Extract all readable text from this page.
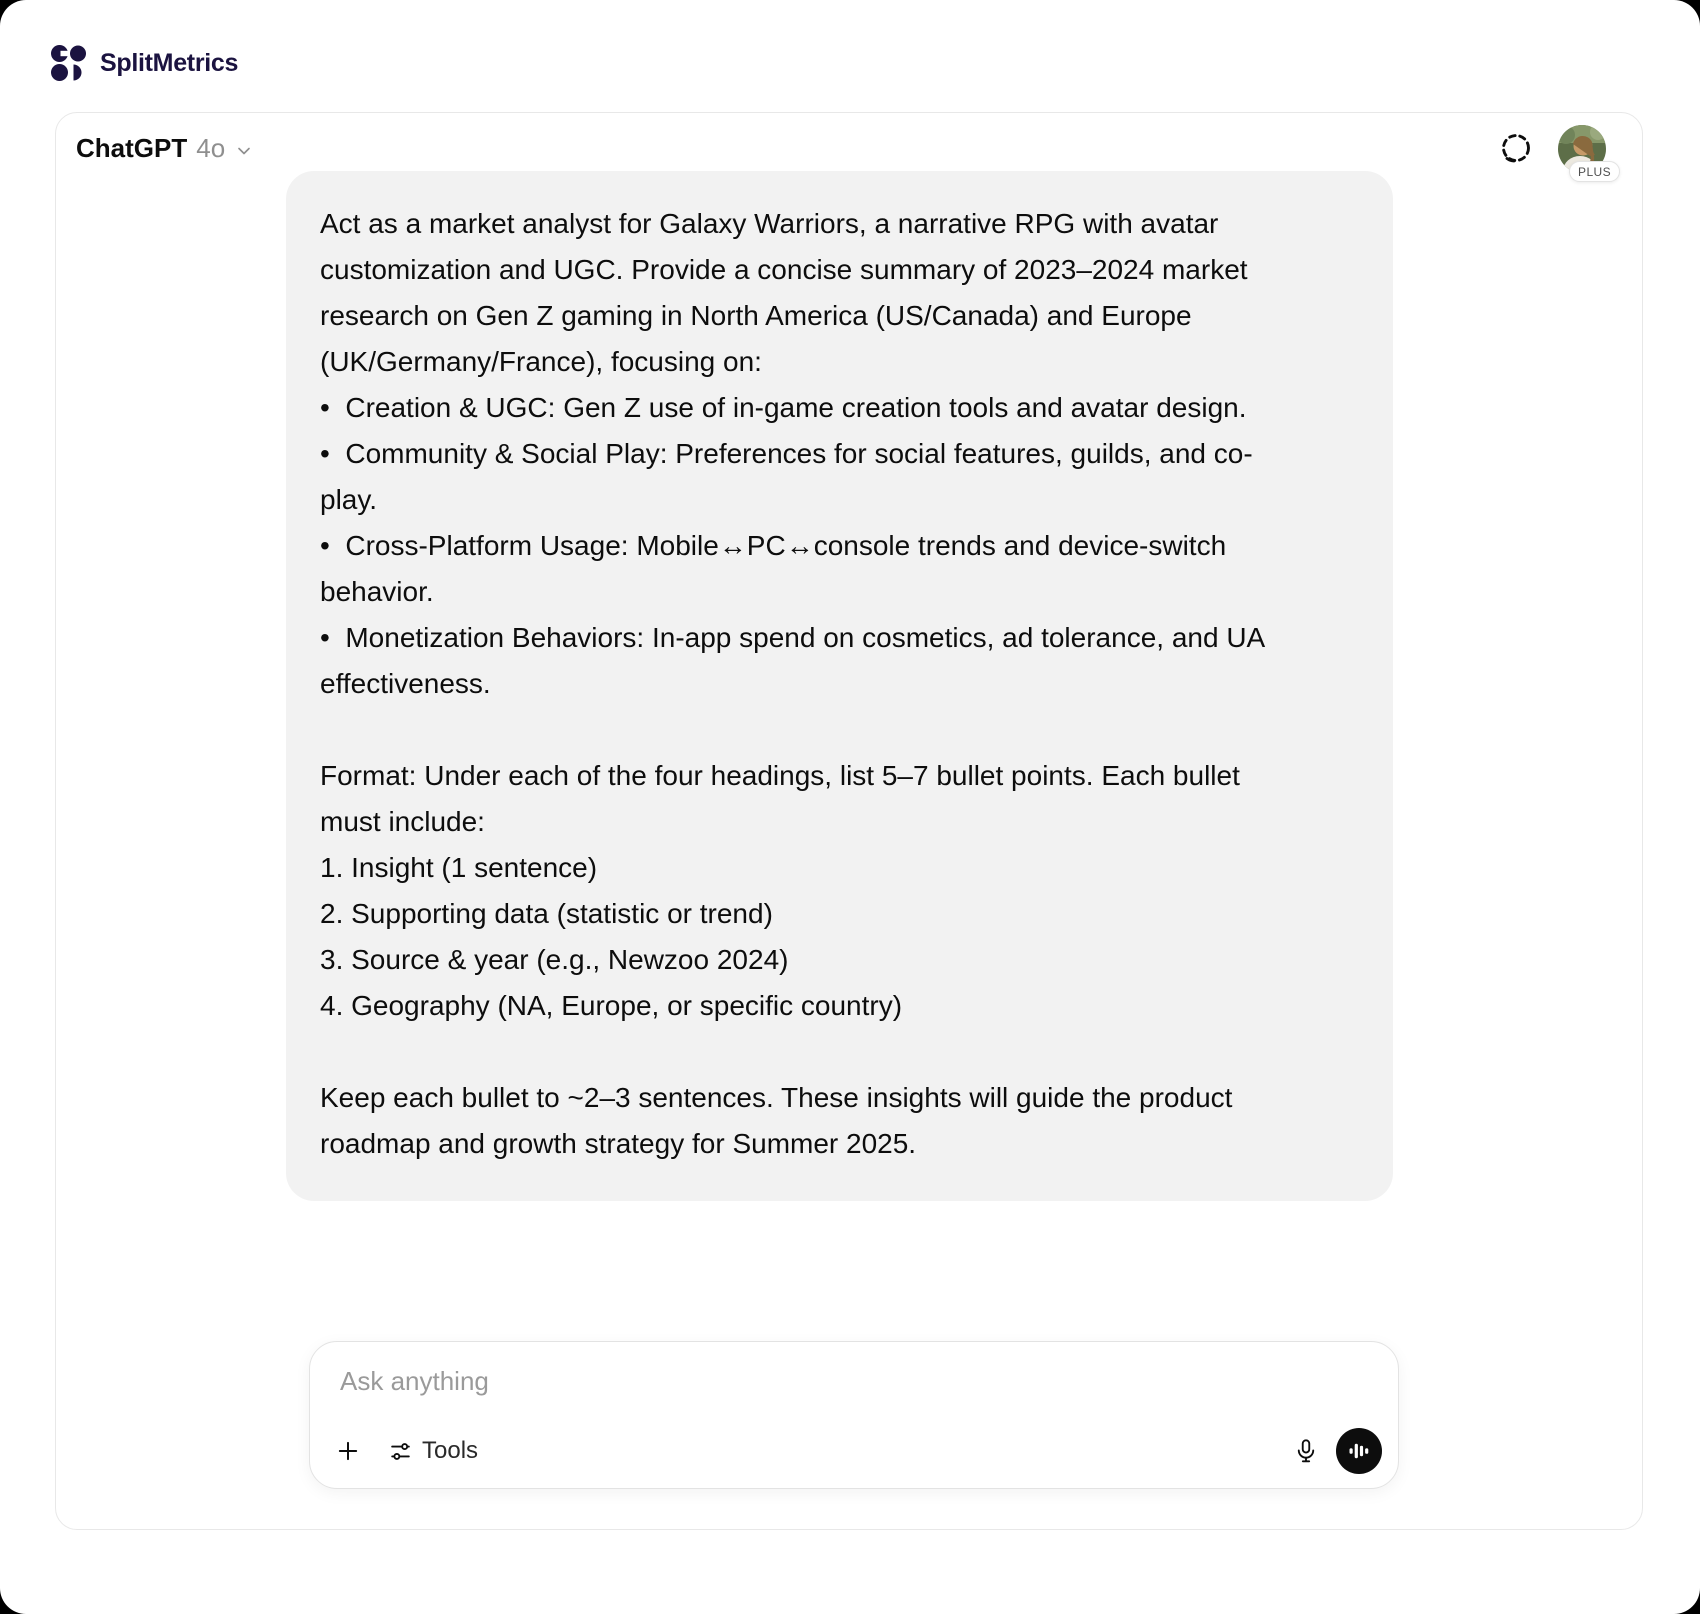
SplitMetrics
ChatGPT 4o
PLUS

Act as a market analyst for Galaxy Warriors, a narrative RPG with avatar customization and UGC. Provide a concise summary of 2023–2024 market research on Gen Z gaming in North America (US/Canada) and Europe (UK/Germany/France), focusing on:

•  Creation & UGC: Gen Z use of in-game creation tools and avatar design.

•  Community & Social Play: Preferences for social features, guilds, and co-play.

•  Cross-Platform Usage: Mobile↔PC↔console trends and device-switch behavior.

•  Monetization Behaviors: In-app spend on cosmetics, ad tolerance, and UA effectiveness.

Format: Under each of the four headings, list 5–7 bullet points. Each bullet must include:

1. Insight (1 sentence)

2. Supporting data (statistic or trend)

3. Source & year (e.g., Newzoo 2024)

4. Geography (NA, Europe, or specific country)

Keep each bullet to ~2–3 sentences. These insights will guide the product roadmap and growth strategy for Summer 2025.

Ask anything
Tools
